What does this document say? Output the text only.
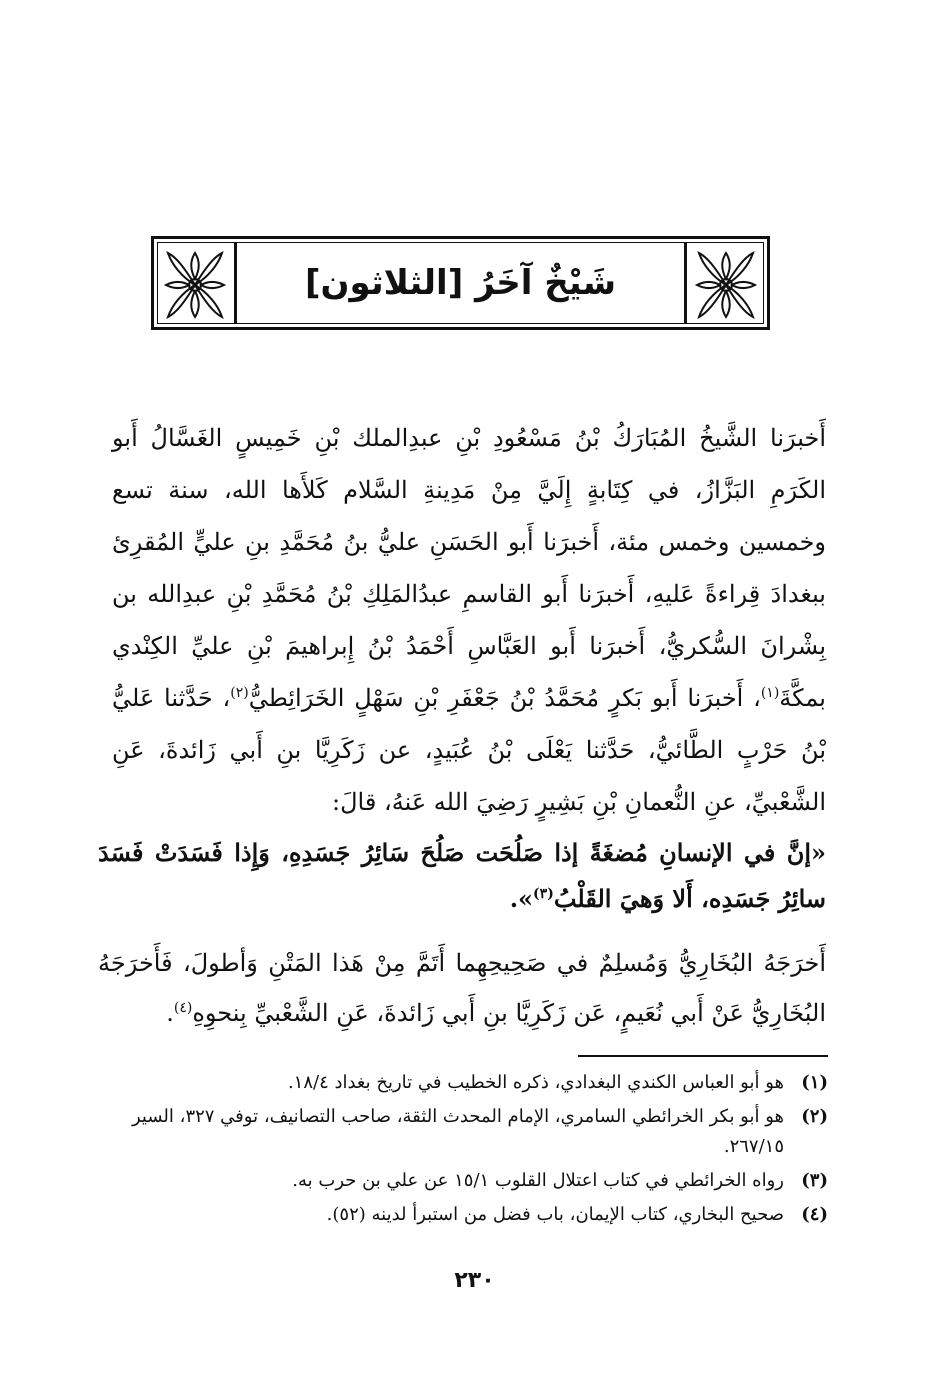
شَيْخٌ آخَرُ [الثلاثون]

أَخبرَنا الشَّيخُ المُبَارَكُ بْنُ مَسْعُودِ بْنِ عبدِالملك بْنِ خَمِيسٍ الغَسَّالُ أَبو الكَرَمِ البَزَّازُ، في كِتَابةٍ إِلَيَّ مِنْ مَدِينةِ السَّلام كَلأَها الله، سنة تسع وخمسين وخمس مئة، أَخبرَنا أَبو الحَسَنِ عليُّ بنُ مُحَمَّدِ بنِ عليٍّ المُقرِئ ببغدادَ قِراءةً عَليهِ، أَخبرَنا أَبو القاسمِ عبدُالمَلِكِ بْنُ مُحَمَّدِ بْنِ عبدِالله بن بِشْرانَ السُّكريُّ، أَخبرَنا أَبو العَبَّاسِ أَحْمَدُ بْنُ إِبراهيمَ بْنِ عليِّ الكِنْدي بمكَّةَ$^{(١)}$، أَخبرَنا أَبو بَكرٍ مُحَمَّدُ بْنُ جَعْفَرِ بْنِ سَهْلٍ الخَرَائِطيُّ$^{(٢)}$، حَدَّثنا عَليُّ بْنُ حَرْبٍ الطَّائيُّ، حَدَّثنا يَعْلَى بْنُ عُبَيدٍ، عن زَكَرِيَّا بنِ أَبي زَائدةَ، عَنِ الشَّعْبيِّ، عنِ النُّعمانِ بْنِ بَشِيرٍ رَضِيَ الله عَنهُ، قالَ:

«إنَّ في الإنسانِ مُضغَةً إذا صَلُحَت صَلُحَ سَائِرُ جَسَدِهِ، وَإِذا فَسَدَتْ فَسَدَ سائِرُ جَسَدِه، أَلا وَهيَ القَلْبُ$^{(٣)}$».

أَخرَجَهُ البُخَارِيُّ وَمُسلِمٌ في صَحِيحِهِما أَتَمَّ مِنْ هَذا المَتْنِ وَأطولَ، فَأَخرَجَهُ البُخَارِيُّ عَنْ أَبي نُعَيمٍ، عَن زَكَرِيَّا بنِ أَبي زَائدةَ، عَنِ الشَّعْبيِّ بِنحوِهِ$^{(٤)}$.

(١)
هو أبو العباس الكندي البغدادي، ذكره الخطيب في تاريخ بغداد ١٨/٤.
(٢)
هو أبو بكر الخرائطي السامري، الإمام المحدث الثقة، صاحب التصانيف، توفي ٣٢٧، السير ٢٦٧/١٥.
(٣)
رواه الخرائطي في كتاب اعتلال القلوب ١٥/١ عن علي بن حرب به.
(٤)
صحيح البخاري، كتاب الإيمان، باب فضل من استبرأ لدينه (٥٢).
٢٣٠
